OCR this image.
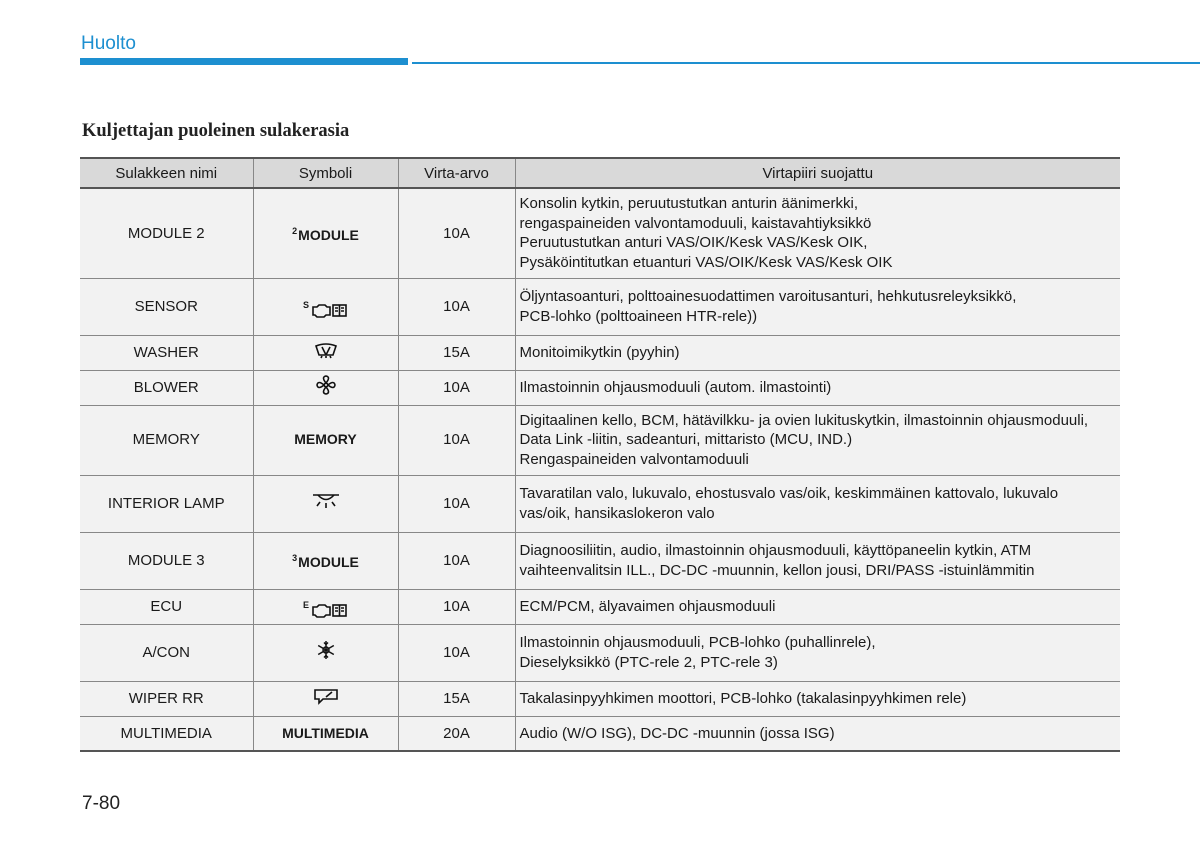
Huolto
Kuljettajan puoleinen sulakerasia
Sulakkeen nimi	Symboli	Virta-arvo	Virtapiiri suojattu
MODULE 2	$^2$MODULE	10A	Konsolin kytkin, peruutustutkan anturin äänimerkki,
rengaspaineiden valvontamoduuli, kaistavahtiyksikkö
Peruutustutkan anturi VAS/OIK/Kesk VAS/Kesk OIK,
Pysäköintitutkan etuanturi VAS/OIK/Kesk VAS/Kesk OIK

SENSOR	S	10A	Öljyntasoanturi, polttoainesuodattimen varoitusanturi, hehkutusreleyksikkö,
PCB-lohko (polttoaineen HTR-rele))

WASHER		15A	Monitoimikytkin (pyyhin)

BLOWER		10A	Ilmastoinnin ohjausmoduuli (autom. ilmastointi)

MEMORY	MEMORY	10A	Digitaalinen kello, BCM, hätävilkku- ja ovien lukituskytkin, ilmastoinnin ohjausmoduuli,
Data Link -liitin, sadeanturi, mittaristo (MCU, IND.)
Rengaspaineiden valvontamoduuli

INTERIOR LAMP		10A	Tavaratilan valo, lukuvalo, ehostusvalo vas/oik, keskimmäinen kattovalo, lukuvalo
vas/oik, hansikaslokeron valo

MODULE 3	$^3$MODULE	10A	Diagnoosiliitin, audio, ilmastoinnin ohjausmoduuli, käyttöpaneelin kytkin, ATM
vaihteenvalitsin ILL., DC-DC -muunnin, kellon jousi, DRI/PASS -istuinlämmitin

ECU	E	10A	ECM/PCM, älyavaimen ohjausmoduuli

A/CON		10A	Ilmastoinnin ohjausmoduuli, PCB-lohko (puhallinrele),
Dieselyksikkö (PTC-rele 2, PTC-rele 3)

WIPER RR		15A	Takalasinpyyhkimen moottori, PCB-lohko (takalasinpyyhkimen rele)

MULTIMEDIA	MULTIMEDIA	20A	Audio (W/O ISG), DC-DC -muunnin (jossa ISG)
7-80
